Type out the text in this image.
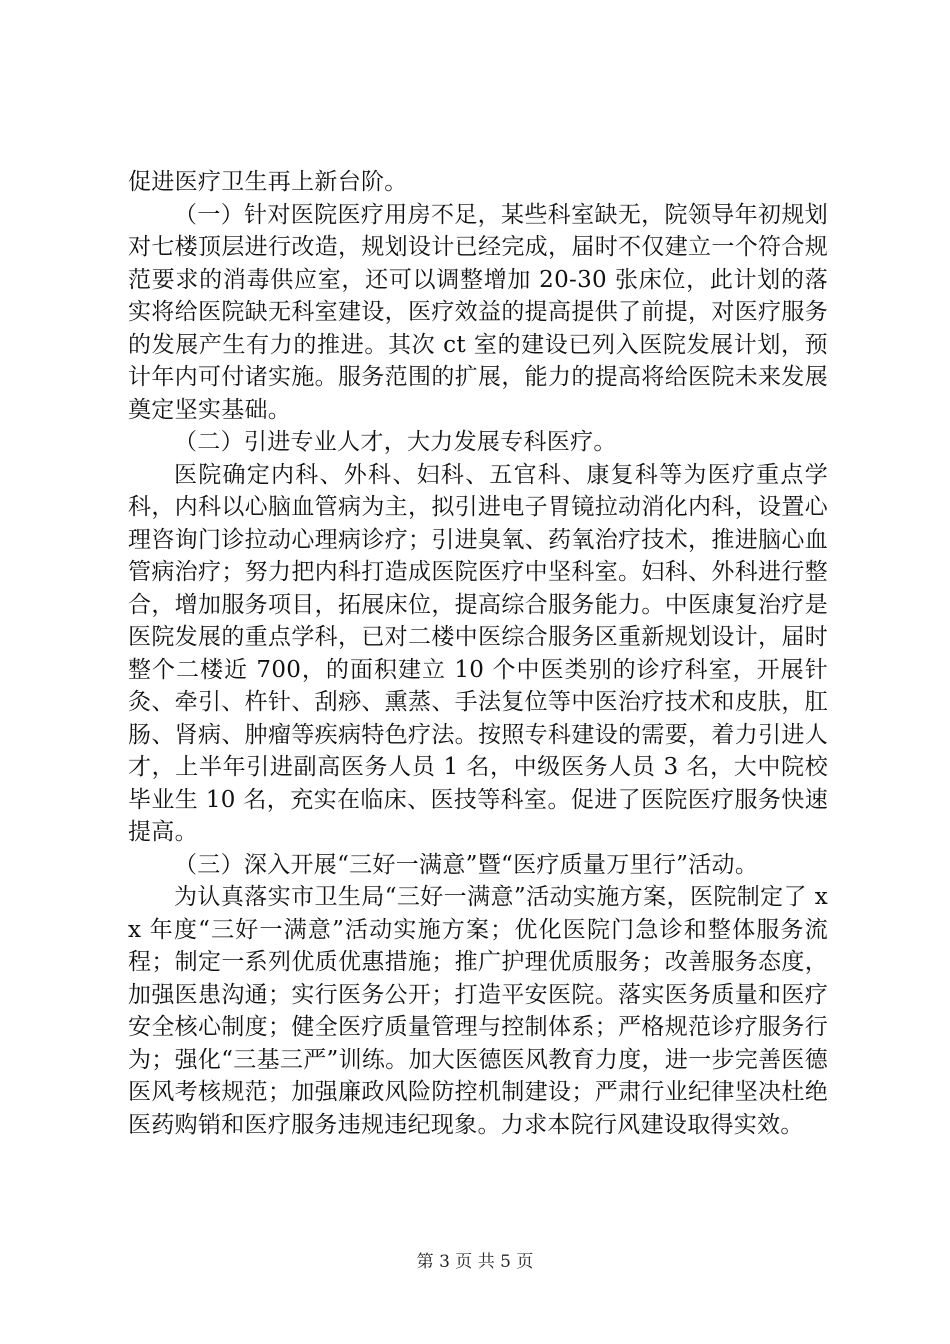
促进医疗卫生再上新台阶。

（一）针对医院医疗用房不足，某些科室缺无，院领导年初规划对七楼顶层进行改造，规划设计已经完成，届时不仅建立一个符合规范要求的消毒供应室，还可以调整增加 20-30 张床位，此计划的落实将给医院缺无科室建设，医疗效益的提高提供了前提，对医疗服务的发展产生有力的推进。其次 ct 室的建设已列入医院发展计划，预计年内可付诸实施。服务范围的扩展，能力的提高将给医院未来发展奠定坚实基础。

（二）引进专业人才，大力发展专科医疗。

医院确定内科、外科、妇科、五官科、康复科等为医疗重点学科，内科以心脑血管病为主，拟引进电子胃镜拉动消化内科，设置心理咨询门诊拉动心理病诊疗；引进臭氧、药氧治疗技术，推进脑心血管病治疗；努力把内科打造成医院医疗中坚科室。妇科、外科进行整合，增加服务项目，拓展床位，提高综合服务能力。中医康复治疗是医院发展的重点学科，已对二楼中医综合服务区重新规划设计，届时整个二楼近 700，的面积建立 10 个中医类别的诊疗科室，开展针灸、牵引、杵针、刮痧、熏蒸、手法复位等中医治疗技术和皮肤，肛肠、肾病、肿瘤等疾病特色疗法。按照专科建设的需要，着力引进人才，上半年引进副高医务人员 1 名，中级医务人员 3 名，大中院校毕业生 10 名，充实在临床、医技等科室。促进了医院医疗服务快速提高。

（三）深入开展“三好一满意”暨“医疗质量万里行”活动。

为认真落实市卫生局“三好一满意”活动实施方案，医院制定了 xx 年度“三好一满意”活动实施方案；优化医院门急诊和整体服务流程；制定一系列优质优惠措施；推广护理优质服务；改善服务态度，加强医患沟通；实行医务公开；打造平安医院。落实医务质量和医疗安全核心制度；健全医疗质量管理与控制体系；严格规范诊疗服务行为；强化“三基三严”训练。加大医德医风教育力度，进一步完善医德医风考核规范；加强廉政风险防控机制建设；严肃行业纪律坚决杜绝医药购销和医疗服务违规违纪现象。力求本院行风建设取得实效。

第 3 页 共 5 页
